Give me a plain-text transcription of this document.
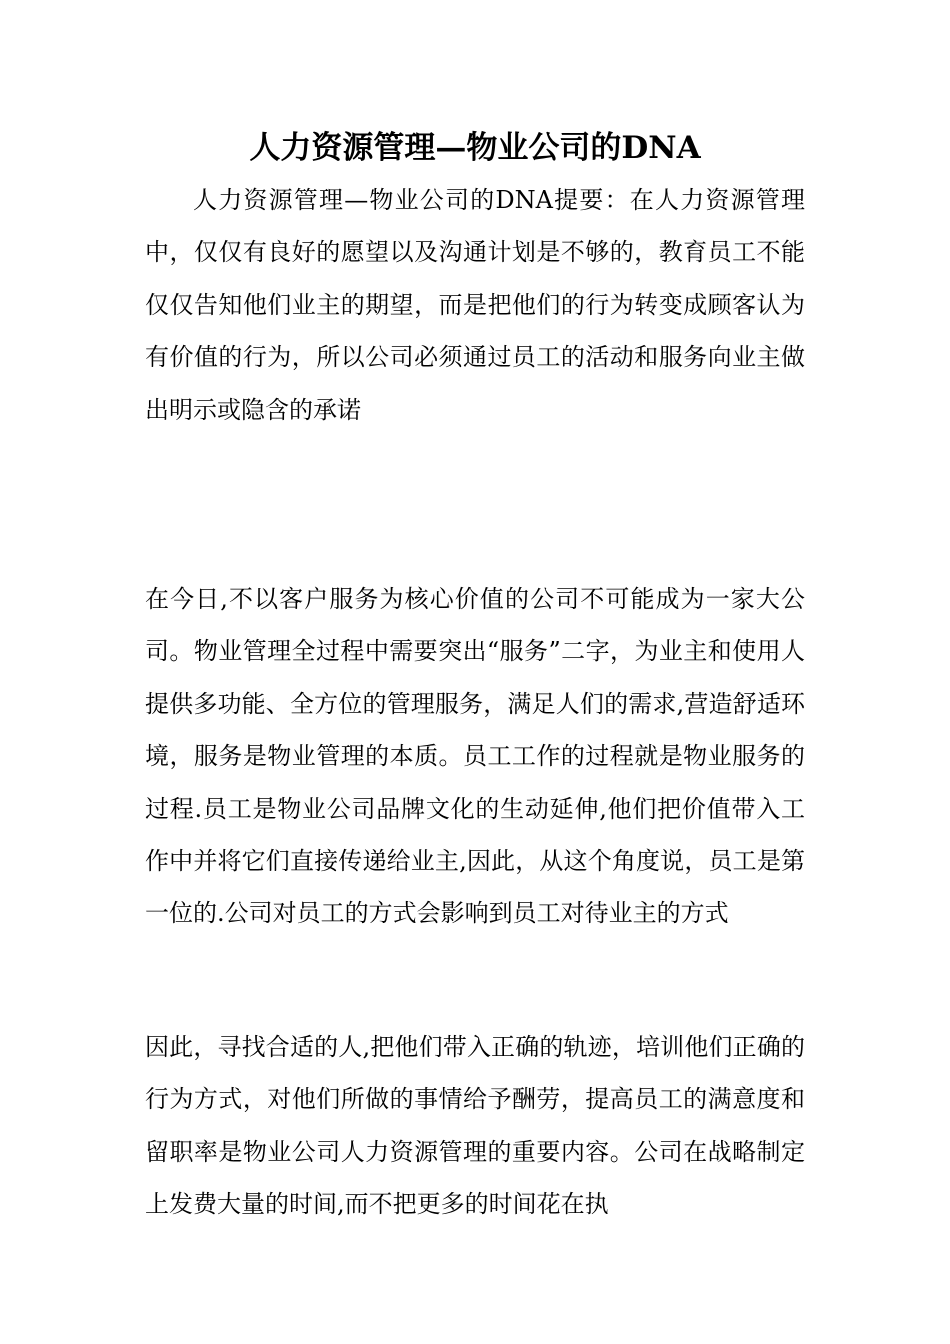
人力资源管理—物业公司的DNA

人力资源管理—物业公司的DNA提要：在人力资源管理中，仅仅有良好的愿望以及沟通计划是不够的，教育员工不能仅仅告知他们业主的期望，而是把他们的行为转变成顾客认为有价值的行为，所以公司必须通过员工的活动和服务向业主做出明示或隐含的承诺

在今日,不以客户服务为核心价值的公司不可能成为一家大公司。物业管理全过程中需要突出“服务”二字，为业主和使用人提供多功能、全方位的管理服务，满足人们的需求,营造舒适环境，服务是物业管理的本质。员工工作的过程就是物业服务的过程.员工是物业公司品牌文化的生动延伸,他们把价值带入工作中并将它们直接传递给业主,因此，从这个角度说，员工是第一位的.公司对员工的方式会影响到员工对待业主的方式

因此，寻找合适的人,把他们带入正确的轨迹，培训他们正确的行为方式，对他们所做的事情给予酬劳，提高员工的满意度和留职率是物业公司人力资源管理的重要内容。公司在战略制定上发费大量的时间,而不把更多的时间花在执
